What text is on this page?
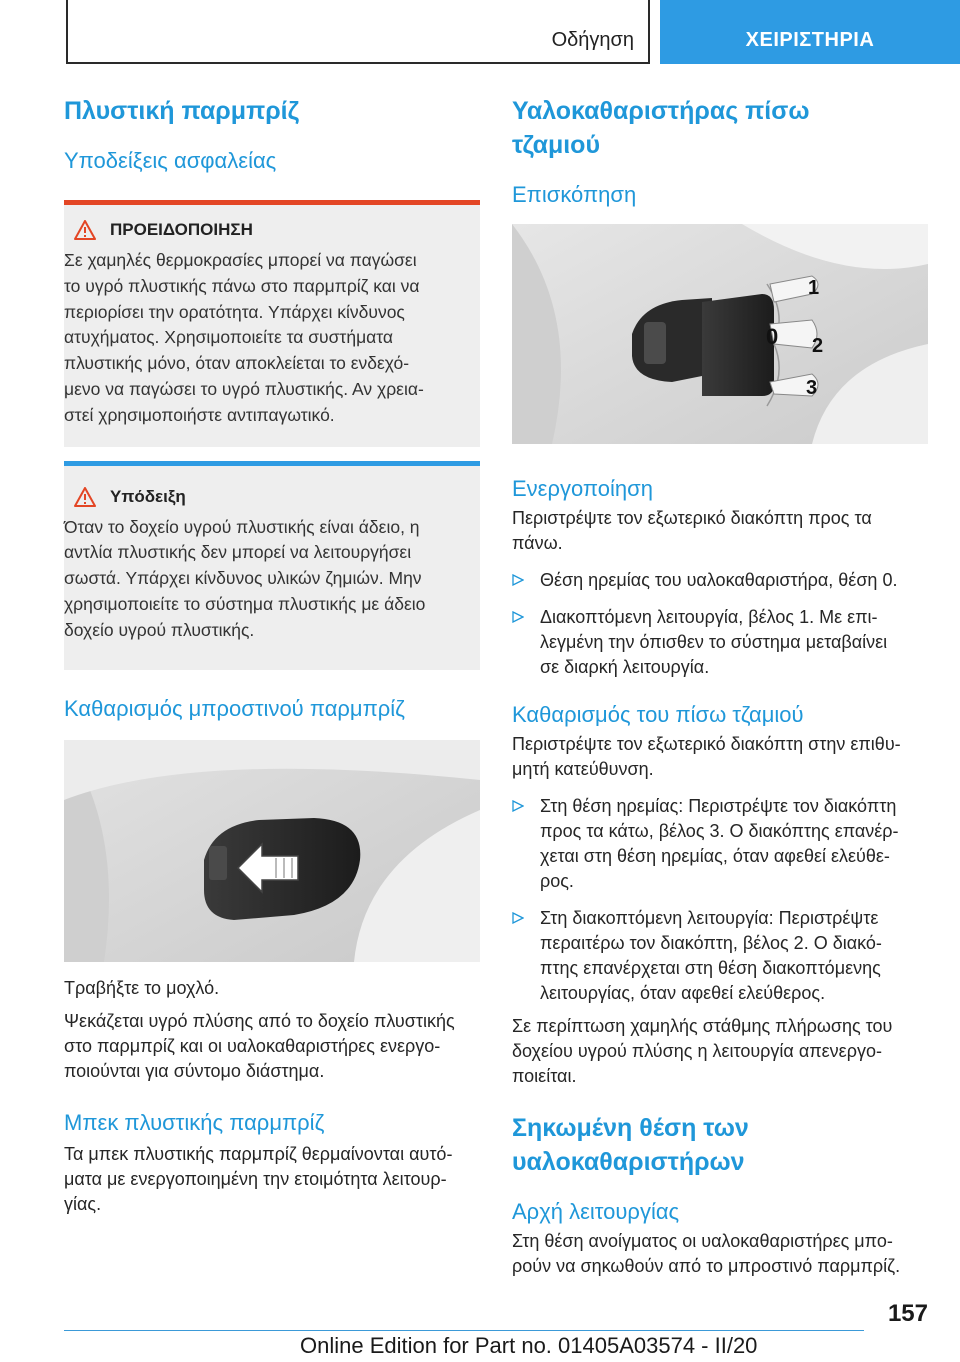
Οδήγηση	ΧΕΙΡΙΣΤΗΡΙΑ
Πλυστική παρμπρίζ
Υποδείξεις ασφαλείας
ΠΡΟΕΙΔΟΠΟΙΗΣΗ

Σε χαμηλές θερμοκρασίες μπορεί να παγώσει

το υγρό πλυστικής πάνω στο παρμπρίζ και να

περιορίσει την ορατότητα. Υπάρχει κίνδυνος

ατυχήματος. Χρησιμοποιείτε τα συστήματα

πλυστικής μόνο, όταν αποκλείεται το ενδεχό-

μενο να παγώσει το υγρό πλυστικής. Αν χρεια-

στεί χρησιμοποιήστε αντιπαγωτικό.

Υπόδειξη

Όταν το δοχείο υγρού πλυστικής είναι άδειο, η

αντλία πλυστικής δεν μπορεί να λειτουργήσει

σωστά. Υπάρχει κίνδυνος υλικών ζημιών. Μην

χρησιμοποιείτε το σύστημα πλυστικής με άδειο

δοχείο υγρού πλυστικής.

Καθαρισμός μπροστινού παρμπρίζ

Τραβήξτε το μοχλό.

Ψεκάζεται υγρό πλύσης από το δοχείο πλυστικής

στο παρμπρίζ και οι υαλοκαθαριστήρες ενεργο-

ποιούνται για σύντομο διάστημα.

Μπεκ πλυστικής παρμπρίζ

Τα μπεκ πλυστικής παρμπρίζ θερμαίνονται αυτό-

ματα με ενεργοποιημένη την ετοιμότητα λειτουρ-

γίας.

Υαλοκαθαριστήρας πίσω
τζαμιού
Επισκόπηση
1
0 2
3
Ενεργοποίηση

Περιστρέψτε τον εξωτερικό διακόπτη προς τα

πάνω.

Θέση ηρεμίας του υαλοκαθαριστήρα, θέση 0.
Διακοπτόμενη λειτουργία, βέλος 1. Με επι-
λεγμένη την όπισθεν το σύστημα μεταβαίνει
σε διαρκή λειτουργία.
Καθαρισμός του πίσω τζαμιού

Περιστρέψτε τον εξωτερικό διακόπτη στην επιθυ-

μητή κατεύθυνση.

Στη θέση ηρεμίας: Περιστρέψτε τον διακόπτη
προς τα κάτω, βέλος 3. Ο διακόπτης επανέρ-
χεται στη θέση ηρεμίας, όταν αφεθεί ελεύθε-
ρος.
Στη διακοπτόμενη λειτουργία: Περιστρέψτε
περαιτέρω τον διακόπτη, βέλος 2. Ο διακό-
πτης επανέρχεται στη θέση διακοπτόμενης
λειτουργίας, όταν αφεθεί ελεύθερος.

Σε περίπτωση χαμηλής στάθμης πλήρωσης του

δοχείου υγρού πλύσης η λειτουργία απενεργο-

ποιείται.

Σηκωμένη θέση των
υαλοκαθαριστήρων
Αρχή λειτουργίας

Στη θέση ανοίγματος οι υαλοκαθαριστήρες μπο-

ρούν να σηκωθούν από το μπροστινό παρμπρίζ.

157
Online Edition for Part no. 01405A03574 - II/20
